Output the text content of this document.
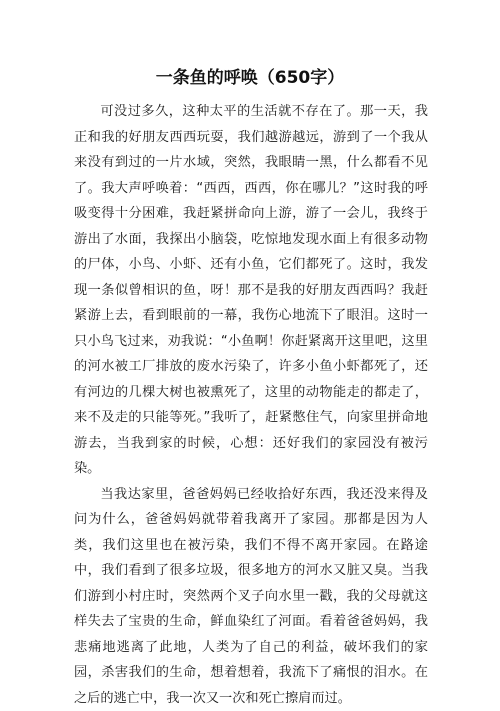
一条鱼的呼唤（650字）

可没过多久，这种太平的生活就不存在了。那一天，我正和我的好朋友西西玩耍，我们越游越远，游到了一个我从来没有到过的一片水域，突然，我眼睛一黑，什么都看不见了。我大声呼唤着：“西西，西西，你在哪儿？”这时我的呼吸变得十分困难，我赶紧拼命向上游，游了一会儿，我终于游出了水面，我探出小脑袋，吃惊地发现水面上有很多动物的尸体，小鸟、小虾、还有小鱼，它们都死了。这时，我发现一条似曾相识的鱼，呀！那不是我的好朋友西西吗？我赶紧游上去，看到眼前的一幕，我伤心地流下了眼泪。这时一只小鸟飞过来，劝我说：“小鱼啊！你赶紧离开这里吧，这里的河水被工厂排放的废水污染了，许多小鱼小虾都死了，还有河边的几棵大树也被熏死了，这里的动物能走的都走了，来不及走的只能等死。”我听了，赶紧憋住气，向家里拼命地游去，当我到家的时候，心想：还好我们的家园没有被污染。

当我达家里，爸爸妈妈已经收拾好东西，我还没来得及问为什么，爸爸妈妈就带着我离开了家园。那都是因为人类，我们这里也在被污染，我们不得不离开家园。在路途中，我们看到了很多垃圾，很多地方的河水又脏又臭。当我们游到小村庄时，突然两个叉子向水里一戳，我的父母就这样失去了宝贵的生命，鲜血染红了河面。看着爸爸妈妈，我悲痛地逃离了此地，人类为了自己的利益，破坏我们的家园，杀害我们的生命，想着想着，我流下了痛恨的泪水。在之后的逃亡中，我一次又一次和死亡擦肩而过。
